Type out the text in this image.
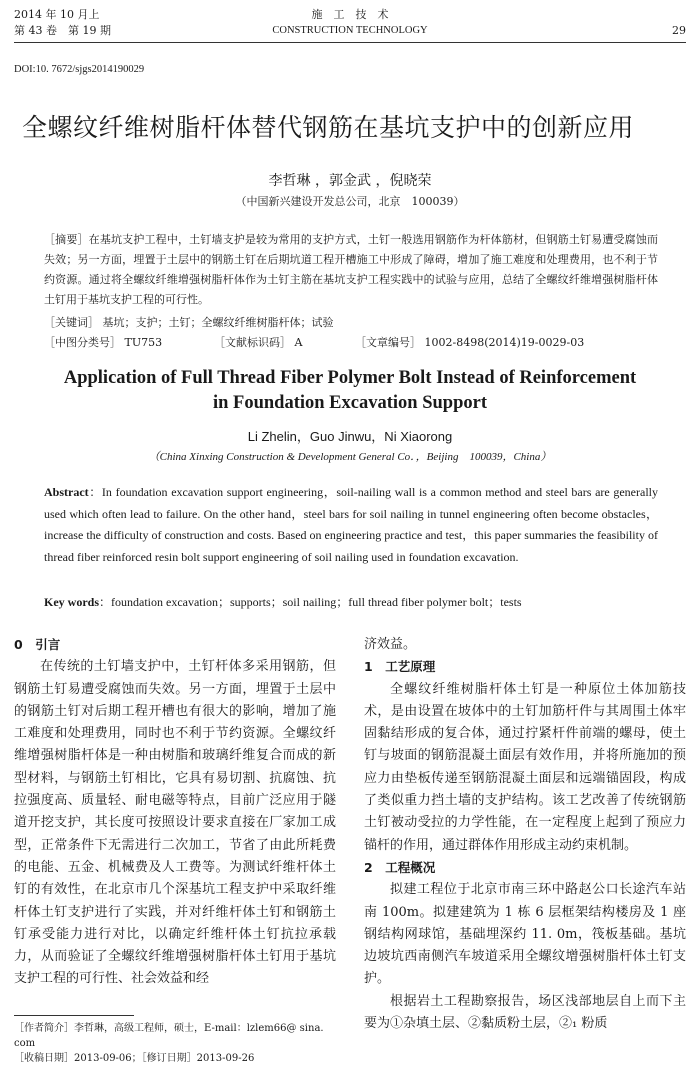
2014 年 10 月上
第 43 卷　第 19 期
施　工　技　术
CONSTRUCTION TECHNOLOGY	29
DOI:10. 7672/sjgs2014190029
全螺纹纤维树脂杆体替代钢筋在基坑支护中的创新应用
李哲琳 ，郭金武 ，倪晓荣
（中国新兴建设开发总公司，北京　100039）
［摘要］在基坑支护工程中，土钉墙支护是较为常用的支护方式，土钉一般选用钢筋作为杆体筋材，但钢筋土钉易遭受腐蚀而失效；另一方面，埋置于土层中的钢筋土钉在后期坑道工程开槽施工中形成了障碍，增加了施工难度和处理费用，也不利于节约资源。通过将全螺纹纤维增强树脂杆体作为土钉主筋在基坑支护工程实践中的试验与应用，总结了全螺纹纤维增强树脂杆体土钉用于基坑支护工程的可行性。
［关键词］ 基坑；支护；土钉；全螺纹纤维树脂杆体；试验
［中图分类号］ TU753	［文献标识码］ A	［文章编号］ 1002-8498(2014)19-0029-03
Application of Full Thread Fiber Polymer Bolt Instead of Reinforcement
in Foundation Excavation Support
Li Zhelin，Guo Jinwu，Ni Xiaorong
（China Xinxing Construction & Development General Co．，Beijing　100039，China）
Abstract：In foundation excavation support engineering，soil-nailing wall is a common method and steel bars are generally used which often lead to failure. On the other hand，steel bars for soil nailing in tunnel engineering often become obstacles，increase the difficulty of construction and costs. Based on engineering practice and test，this paper summaries the feasibility of thread fiber reinforced resin bolt support engineering of soil nailing used in foundation excavation.
Key words：foundation excavation；supports；soil nailing；full thread fiber polymer bolt；tests
0　引言

在传统的土钉墙支护中，土钉杆体多采用钢筋，但钢筋土钉易遭受腐蚀而失效。另一方面，埋置于土层中的钢筋土钉对后期工程开槽也有很大的影响，增加了施工难度和处理费用，同时也不利于节约资源。全螺纹纤维增强树脂杆体是一种由树脂和玻璃纤维复合而成的新型材料，与钢筋土钉相比，它具有易切割、抗腐蚀、抗拉强度高、质量轻、耐电磁等特点，目前广泛应用于隧道开挖支护，其长度可按照设计要求直接在厂家加工成型，正常条件下无需进行二次加工，节省了由此所耗费的电能、五金、机械费及人工费等。为测试纤维杆体土钉的有效性，在北京市几个深基坑工程支护中采取纤维杆体土钉支护进行了实践，并对纤维杆体土钉和钢筋土钉承受能力进行对比，以确定纤维杆体土钉抗拉承载力，从而验证了全螺纹纤维增强树脂杆体土钉用于基坑支护工程的可行性、社会效益和经

济效益。

1　工艺原理

全螺纹纤维树脂杆体土钉是一种原位土体加筋技术，是由设置在坡体中的土钉加筋杆件与其周围土体牢固黏结形成的复合体，通过拧紧杆件前端的螺母，使土钉与坡面的钢筋混凝土面层有效作用，并将所施加的预应力由垫板传递至钢筋混凝土面层和远端锚固段，构成了类似重力挡土墙的支护结构。该工艺改善了传统钢筋土钉被动受拉的力学性能，在一定程度上起到了预应力锚杆的作用，通过群体作用形成主动约束机制。

2　工程概况

拟建工程位于北京市南三环中路赵公口长途汽车站南 100m。拟建建筑为 1 栋 6 层框架结构楼房及 1 座钢结构网球馆，基础埋深约 11. 0m，筏板基础。基坑边坡坑西南侧汽车坡道采用全螺纹增强树脂杆体土钉支护。

根据岩土工程勘察报告，场区浅部地层自上而下主要为①杂填土层、②黏质粉土层，②₁ 粉质

［作者简介］李哲琳，高级工程师，硕士，E-mail：lzlem66@ sina. com
［收稿日期］2013-09-06；［修订日期］2013-09-26
